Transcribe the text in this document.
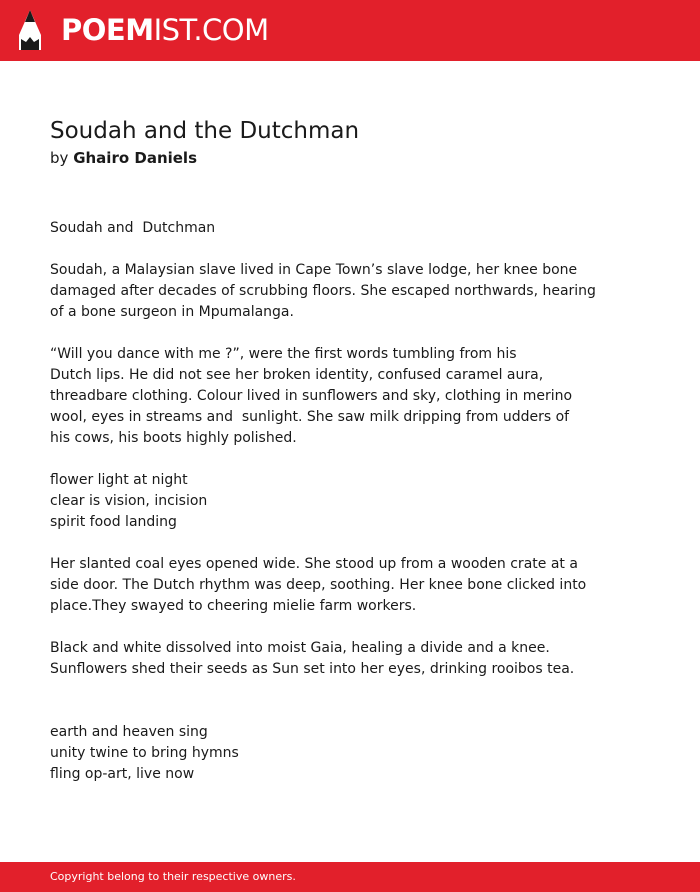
POEMIST.COM
Soudah and the Dutchman
by Ghairo Daniels
Soudah and  Dutchman
Soudah, a Malaysian slave lived in Cape Town’s slave lodge, her knee bone
damaged after decades of scrubbing floors. She escaped northwards, hearing
of a bone surgeon in Mpumalanga.
“Will you dance with me ?”, were the first words tumbling from his
Dutch lips. He did not see her broken identity, confused caramel aura,
threadbare clothing. Colour lived in sunflowers and sky, clothing in merino
wool, eyes in streams and  sunlight. She saw milk dripping from udders of
his cows, his boots highly polished.
flower light at night
clear is vision, incision
spirit food landing
Her slanted coal eyes opened wide. She stood up from a wooden crate at a
side door. The Dutch rhythm was deep, soothing. Her knee bone clicked into
place.They swayed to cheering mielie farm workers.
Black and white dissolved into moist Gaia, healing a divide and a knee.
Sunflowers shed their seeds as Sun set into her eyes, drinking rooibos tea.
earth and heaven sing
unity twine to bring hymns
fling op-art, live now
Copyright belong to their respective owners.
